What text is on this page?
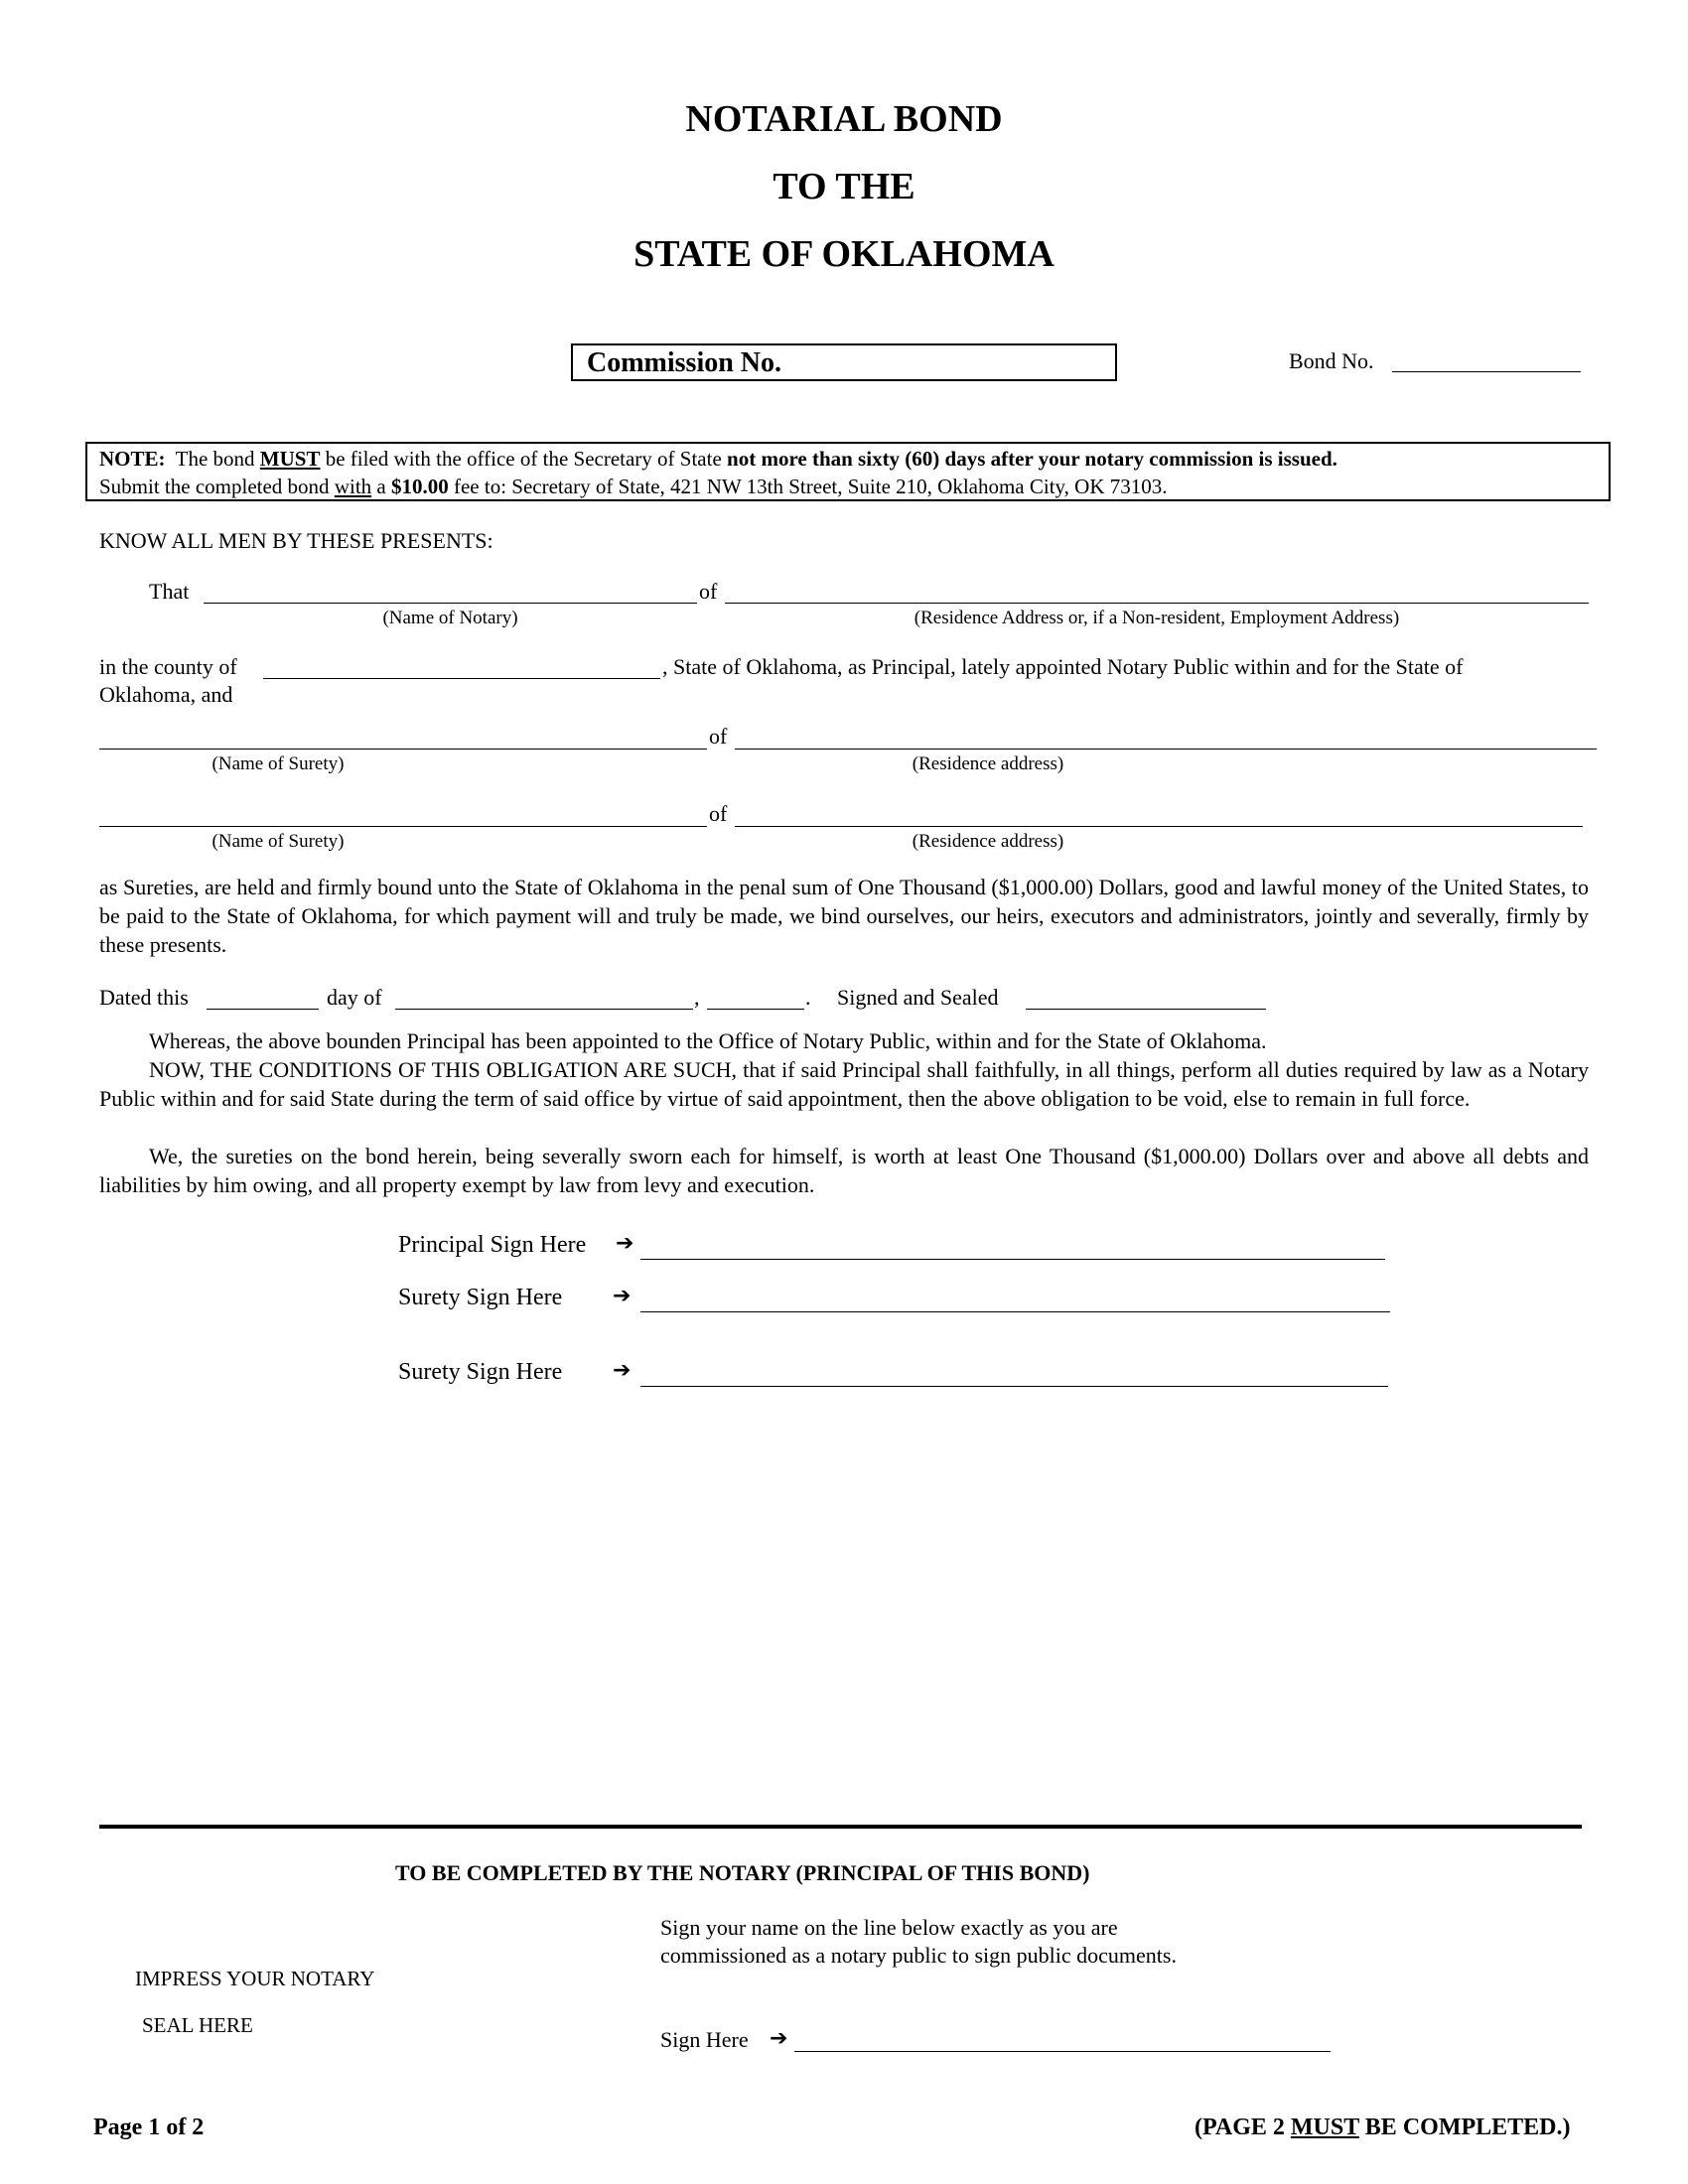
NOTARIAL BOND
TO THE
STATE OF OKLAHOMA
Commission No.	Bond No.
NOTE: The bond MUST be filed with the office of the Secretary of State not more than sixty (60) days after your notary commission is issued.
Submit the completed bond with a $10.00 fee to: Secretary of State, 421 NW 13th Street, Suite 210, Oklahoma City, OK 73103.
KNOW ALL MEN BY THESE PRESENTS:
That	of
(Name of Notary)	(Residence Address or, if a Non-resident, Employment Address)
in the county of	, State of Oklahoma, as Principal, lately appointed Notary Public within and for the State of
Oklahoma, and
of
(Name of Surety)	(Residence address)
of
(Name of Surety)	(Residence address)
as Sureties, are held and firmly bound unto the State of Oklahoma in the penal sum of One Thousand ($1,000.00) Dollars, good and lawful money of the United States, to be paid to the State of Oklahoma, for which payment will and truly be made, we bind ourselves, our heirs, executors and administrators, jointly and severally, firmly by these presents.
Dated this	day of	,	. Signed and Sealed
Whereas, the above bounden Principal has been appointed to the Office of Notary Public, within and for the State of Oklahoma.
NOW, THE CONDITIONS OF THIS OBLIGATION ARE SUCH, that if said Principal shall faithfully, in all things, perform all duties required by law as a Notary Public within and for said State during the term of said office by virtue of said appointment, then the above obligation to be void, else to remain in full force.
We, the sureties on the bond herein, being severally sworn each for himself, is worth at least One Thousand ($1,000.00) Dollars over and above all debts and liabilities by him owing, and all property exempt by law from levy and execution.
Principal Sign Here ➔
Surety Sign Here ➔
Surety Sign Here ➔
TO BE COMPLETED BY THE NOTARY (PRINCIPAL OF THIS BOND)
Sign your name on the line below exactly as you are
commissioned as a notary public to sign public documents.
IMPRESS YOUR NOTARY
SEAL HERE
Sign Here ➔
Page 1 of 2	(PAGE 2 MUST BE COMPLETED.)
